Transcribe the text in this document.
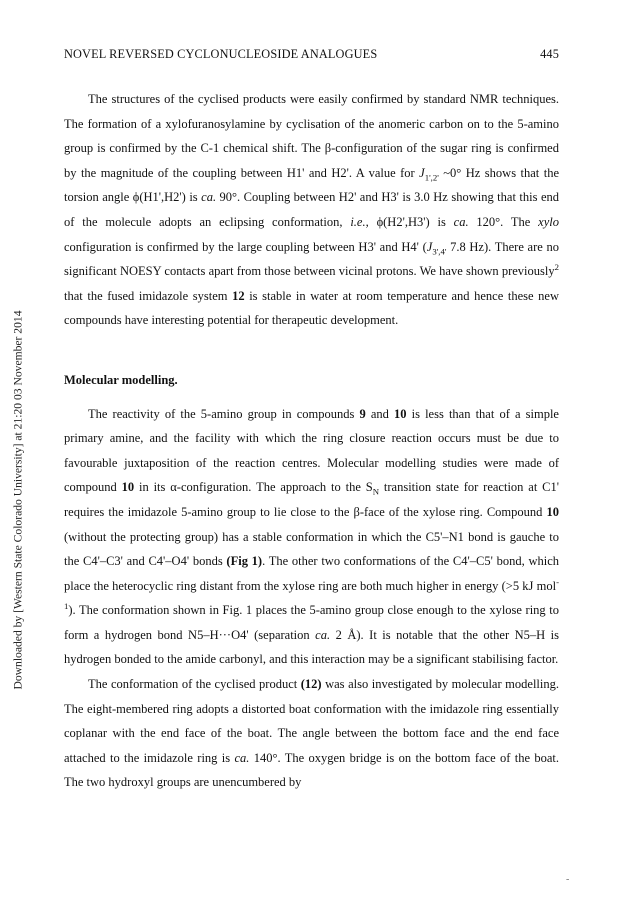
NOVEL REVERSED CYCLONUCLEOSIDE ANALOGUES	445
Downloaded by [Western State Colorado University] at 21:20 03 November 2014

The structures of the cyclised products were easily confirmed by standard NMR techniques. The formation of a xylofuranosylamine by cyclisation of the anomeric carbon on to the 5-amino group is confirmed by the C-1 chemical shift. The β-configuration of the sugar ring is confirmed by the magnitude of the coupling between H1' and H2'. A value for $J_{1',2'}$ ~0° Hz shows that the torsion angle ϕ(H1',H2') is ca. 90°. Coupling between H2' and H3' is 3.0 Hz showing that this end of the molecule adopts an eclipsing conformation, i.e., ϕ(H2',H3') is ca. 120°. The xylo configuration is confirmed by the large coupling between H3' and H4' ($J_{3',4'}$ 7.8 Hz). There are no significant NOESY contacts apart from those between vicinal protons. We have shown previously$^2$ that the fused imidazole system 12 is stable in water at room temperature and hence these new compounds have interesting potential for therapeutic development.

Molecular modelling.

The reactivity of the 5-amino group in compounds 9 and 10 is less than that of a simple primary amine, and the facility with which the ring closure reaction occurs must be due to favourable juxtaposition of the reaction centres. Molecular modelling studies were made of compound 10 in its α-configuration. The approach to the $S_N$ transition state for reaction at C1' requires the imidazole 5-amino group to lie close to the β-face of the xylose ring. Compound 10 (without the protecting group) has a stable conformation in which the C5'–N1 bond is gauche to the C4'–C3' and C4'–O4' bonds (Fig 1). The other two conformations of the C4'–C5' bond, which place the heterocyclic ring distant from the xylose ring are both much higher in energy (>5 kJ mol$^{-1}$). The conformation shown in Fig. 1 places the 5-amino group close enough to the xylose ring to form a hydrogen bond N5–H···O4' (separation ca. 2 Å). It is notable that the other N5–H is hydrogen bonded to the amide carbonyl, and this interaction may be a significant stabilising factor.

The conformation of the cyclised product (12) was also investigated by molecular modelling. The eight-membered ring adopts a distorted boat conformation with the imidazole ring essentially coplanar with the end face of the boat. The angle between the bottom face and the end face attached to the imidazole ring is ca. 140°. The oxygen bridge is on the bottom face of the boat. The two hydroxyl groups are unencumbered by

-
